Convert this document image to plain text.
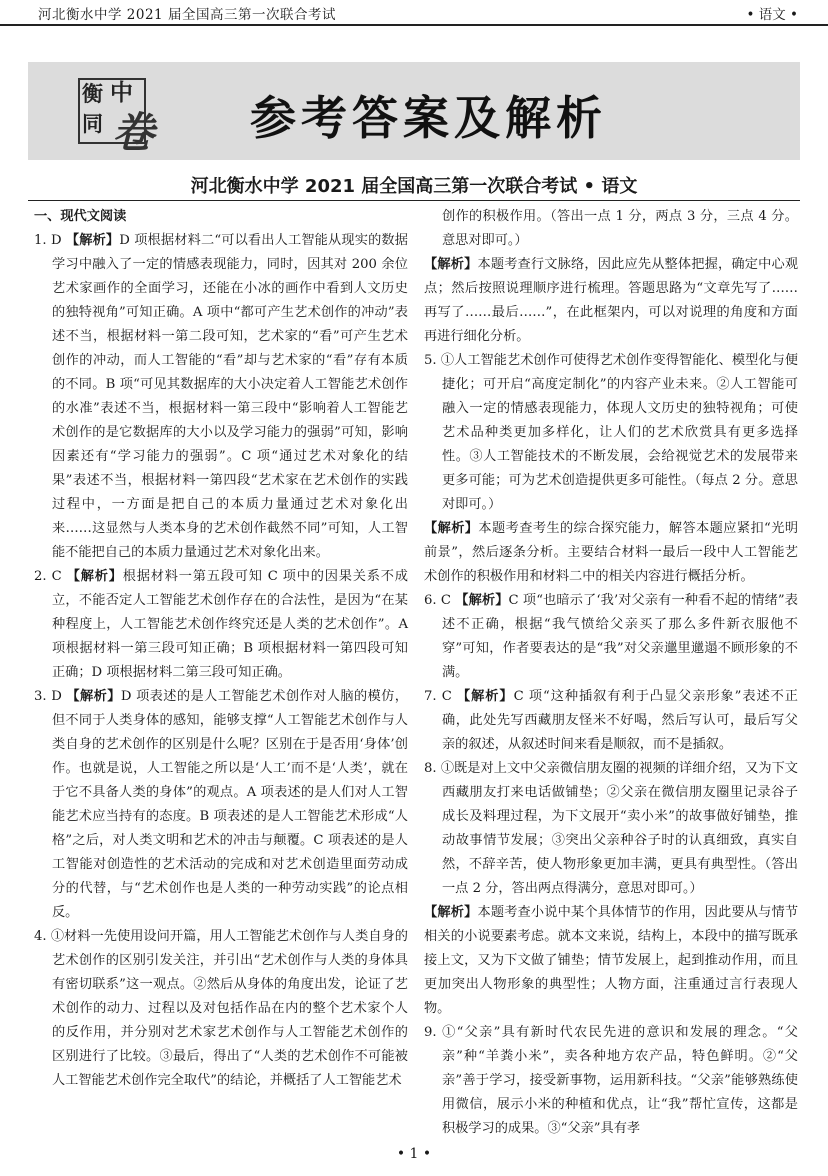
河北衡水中学 2021 届全国高三第一次联合考试	• 语文 •
衡 中
同 卷 参考答案及解析
河北衡水中学 2021 届全国高三第一次联合考试 • 语文

一、现代文阅读

1. D 【解析】D 项根据材料二“可以看出人工智能从现实的数据学习中融入了一定的情感表现能力，同时，因其对 200 余位艺术家画作的全面学习，还能在小冰的画作中看到人文历史的独特视角”可知正确。A 项中“都可产生艺术创作的冲动”表述不当，根据材料一第二段可知，艺术家的“看”可产生艺术创作的冲动，而人工智能的“看”却与艺术家的“看”存有本质的不同。B 项“可见其数据库的大小决定着人工智能艺术创作的水准”表述不当，根据材料一第三段中“影响着人工智能艺术创作的是它数据库的大小以及学习能力的强弱”可知，影响因素还有“学习能力的强弱”。C 项“通过艺术对象化的结果”表述不当，根据材料一第四段“艺术家在艺术创作的实践过程中，一方面是把自己的本质力量通过艺术对象化出来……这显然与人类本身的艺术创作截然不同”可知，人工智能不能把自己的本质力量通过艺术对象化出来。

2. C 【解析】根据材料一第五段可知 C 项中的因果关系不成立，不能否定人工智能艺术创作存在的合法性，是因为“在某种程度上，人工智能艺术创作终究还是人类的艺术创作”。A 项根据材料一第三段可知正确；B 项根据材料一第四段可知正确；D 项根据材料二第三段可知正确。

3. D 【解析】D 项表述的是人工智能艺术创作对人脑的模仿，但不同于人类身体的感知，能够支撑“人工智能艺术创作与人类自身的艺术创作的区别是什么呢？区别在于是否用‘身体’创作。也就是说，人工智能之所以是‘人工’而不是‘人类’，就在于它不具备人类的身体”的观点。A 项表述的是人们对人工智能艺术应当持有的态度。B 项表述的是人工智能艺术形成“人格”之后，对人类文明和艺术的冲击与颠覆。C 项表述的是人工智能对创造性的艺术活动的完成和对艺术创造里面劳动成分的代替，与“艺术创作也是人类的一种劳动实践”的论点相反。

4. ①材料一先使用设问开篇，用人工智能艺术创作与人类自身的艺术创作的区别引发关注，并引出“艺术创作与人类的身体具有密切联系”这一观点。②然后从身体的角度出发，论证了艺术创作的动力、过程以及对包括作品在内的整个艺术家个人的反作用，并分别对艺术家艺术创作与人工智能艺术创作的区别进行了比较。③最后，得出了“人类的艺术创作不可能被人工智能艺术创作完全取代”的结论，并概括了人工智能艺术

创作的积极作用。（答出一点 1 分，两点 3 分，三点 4 分。意思对即可。）

【解析】本题考查行文脉络，因此应先从整体把握，确定中心观点；然后按照说理顺序进行梳理。答题思路为“文章先写了……再写了……最后……”，在此框架内，可以对说理的角度和方面再进行细化分析。

5. ①人工智能艺术创作可使得艺术创作变得智能化、模型化与便捷化；可开启“高度定制化”的内容产业未来。②人工智能可融入一定的情感表现能力，体现人文历史的独特视角；可使艺术品种类更加多样化，让人们的艺术欣赏具有更多选择性。③人工智能技术的不断发展，会给视觉艺术的发展带来更多可能；可为艺术创造提供更多可能性。（每点 2 分。意思对即可。）

【解析】本题考查考生的综合探究能力，解答本题应紧扣“光明前景”，然后逐条分析。主要结合材料一最后一段中人工智能艺术创作的积极作用和材料二中的相关内容进行概括分析。

6. C 【解析】C 项“也暗示了‘我’对父亲有一种看不起的情绪”表述不正确，根据“我气愤给父亲买了那么多件新衣服他不穿”可知，作者要表达的是“我”对父亲邋里邋遢不顾形象的不满。

7. C 【解析】C 项“这种插叙有利于凸显父亲形象”表述不正确，此处先写西藏朋友怪米不好喝，然后写认可，最后写父亲的叙述，从叙述时间来看是顺叙，而不是插叙。

8. ①既是对上文中父亲微信朋友圈的视频的详细介绍，又为下文西藏朋友打来电话做铺垫；②父亲在微信朋友圈里记录谷子成长及料理过程，为下文展开“卖小米”的故事做好铺垫，推动故事情节发展；③突出父亲种谷子时的认真细致，真实自然，不辞辛苦，使人物形象更加丰满，更具有典型性。（答出一点 2 分，答出两点得满分，意思对即可。）

【解析】本题考查小说中某个具体情节的作用，因此要从与情节相关的小说要素考虑。就本文来说，结构上，本段中的描写既承接上文，又为下文做了铺垫；情节发展上，起到推动作用，而且更加突出人物形象的典型性；人物方面，注重通过言行表现人物。

9. ①“父亲”具有新时代农民先进的意识和发展的理念。“父亲”种“羊粪小米”，卖各种地方农产品，特色鲜明。②“父亲”善于学习，接受新事物，运用新科技。“父亲”能够熟练使用微信，展示小米的种植和优点，让“我”帮忙宣传，这都是积极学习的成果。③“父亲”具有孝

• 1 •
